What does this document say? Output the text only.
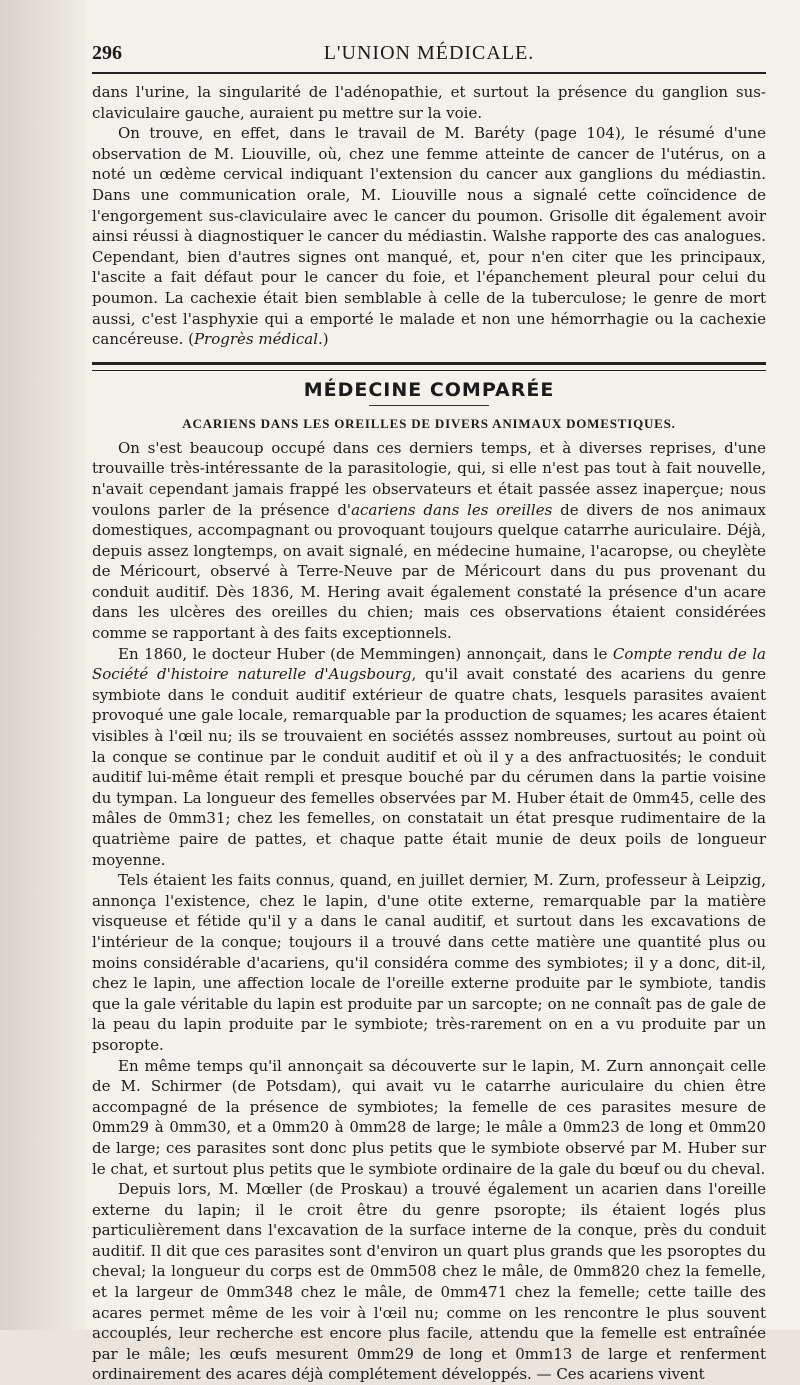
296	L'UNION MÉDICALE.

dans l'urine, la singularité de l'adénopathie, et surtout la présence du ganglion sus-claviculaire gauche, auraient pu mettre sur la voie.

On trouve, en effet, dans le travail de M. Baréty (page 104), le résumé d'une observation de M. Liouville, où, chez une femme atteinte de cancer de l'utérus, on a noté un œdème cervical indiquant l'extension du cancer aux ganglions du médiastin. Dans une communication orale, M. Liouville nous a signalé cette coïncidence de l'engorgement sus-claviculaire avec le cancer du poumon. Grisolle dit également avoir ainsi réussi à diagnostiquer le cancer du médiastin. Walshe rapporte des cas analogues. Cependant, bien d'autres signes ont manqué, et, pour n'en citer que les principaux, l'ascite a fait défaut pour le cancer du foie, et l'épanchement pleural pour celui du poumon. La cachexie était bien semblable à celle de la tuberculose; le genre de mort aussi, c'est l'asphyxie qui a emporté le malade et non une hémorrhagie ou la cachexie cancéreuse. (Progrès médical.)

MÉDECINE COMPARÉE
ACARIENS DANS LES OREILLES DE DIVERS ANIMAUX DOMESTIQUES.

On s'est beaucoup occupé dans ces derniers temps, et à diverses reprises, d'une trouvaille très-intéressante de la parasitologie, qui, si elle n'est pas tout à fait nouvelle, n'avait cependant jamais frappé les observateurs et était passée assez inaperçue; nous voulons parler de la présence d'acariens dans les oreilles de divers de nos animaux domestiques, accompagnant ou provoquant toujours quelque catarrhe auriculaire. Déjà, depuis assez longtemps, on avait signalé, en médecine humaine, l'acaropse, ou cheylète de Méricourt, observé à Terre-Neuve par de Méricourt dans du pus provenant du conduit auditif. Dès 1836, M. Hering avait également constaté la présence d'un acare dans les ulcères des oreilles du chien; mais ces observations étaient considérées comme se rapportant à des faits exceptionnels.

En 1860, le docteur Huber (de Memmingen) annonçait, dans le Compte rendu de la Société d'histoire naturelle d'Augsbourg, qu'il avait constaté des acariens du genre symbiote dans le conduit auditif extérieur de quatre chats, lesquels parasites avaient provoqué une gale locale, remarquable par la production de squames; les acares étaient visibles à l'œil nu; ils se trouvaient en sociétés asssez nombreuses, surtout au point où la conque se continue par le conduit auditif et où il y a des anfractuosités; le conduit auditif lui-même était rempli et presque bouché par du cérumen dans la partie voisine du tympan. La longueur des femelles observées par M. Huber était de 0mm45, celle des mâles de 0mm31; chez les femelles, on constatait un état presque rudimentaire de la quatrième paire de pattes, et chaque patte était munie de deux poils de longueur moyenne.

Tels étaient les faits connus, quand, en juillet dernier, M. Zurn, professeur à Leipzig, annonça l'existence, chez le lapin, d'une otite externe, remarquable par la matière visqueuse et fétide qu'il y a dans le canal auditif, et surtout dans les excavations de l'intérieur de la conque; toujours il a trouvé dans cette matière une quantité plus ou moins considérable d'acariens, qu'il considéra comme des symbiotes; il y a donc, dit-il, chez le lapin, une affection locale de l'oreille externe produite par le symbiote, tandis que la gale véritable du lapin est produite par un sarcopte; on ne connaît pas de gale de la peau du lapin produite par le symbiote; très-rarement on en a vu produite par un psoropte.

En même temps qu'il annonçait sa découverte sur le lapin, M. Zurn annonçait celle de M. Schirmer (de Potsdam), qui avait vu le catarrhe auriculaire du chien être accompagné de la présence de symbiotes; la femelle de ces parasites mesure de 0mm29 à 0mm30, et a 0mm20 à 0mm28 de large; le mâle a 0mm23 de long et 0mm20 de large; ces parasites sont donc plus petits que le symbiote observé par M. Huber sur le chat, et surtout plus petits que le symbiote ordinaire de la gale du bœuf ou du cheval.

Depuis lors, M. Mœller (de Proskau) a trouvé également un acarien dans l'oreille externe du lapin; il le croit être du genre psoropte; ils étaient logés plus particulièrement dans l'excavation de la surface interne de la conque, près du conduit auditif. Il dit que ces parasites sont d'environ un quart plus grands que les psoroptes du cheval; la longueur du corps est de 0mm508 chez le mâle, de 0mm820 chez la femelle, et la largeur de 0mm348 chez le mâle, de 0mm471 chez la femelle; cette taille des acares permet même de les voir à l'œil nu; comme on les rencontre le plus souvent accouplés, leur recherche est encore plus facile, attendu que la femelle est entraînée par le mâle; les œufs mesurent 0mm29 de long et 0mm13 de large et renferment ordinairement des acares déjà complétement développés. — Ces acariens vivent
